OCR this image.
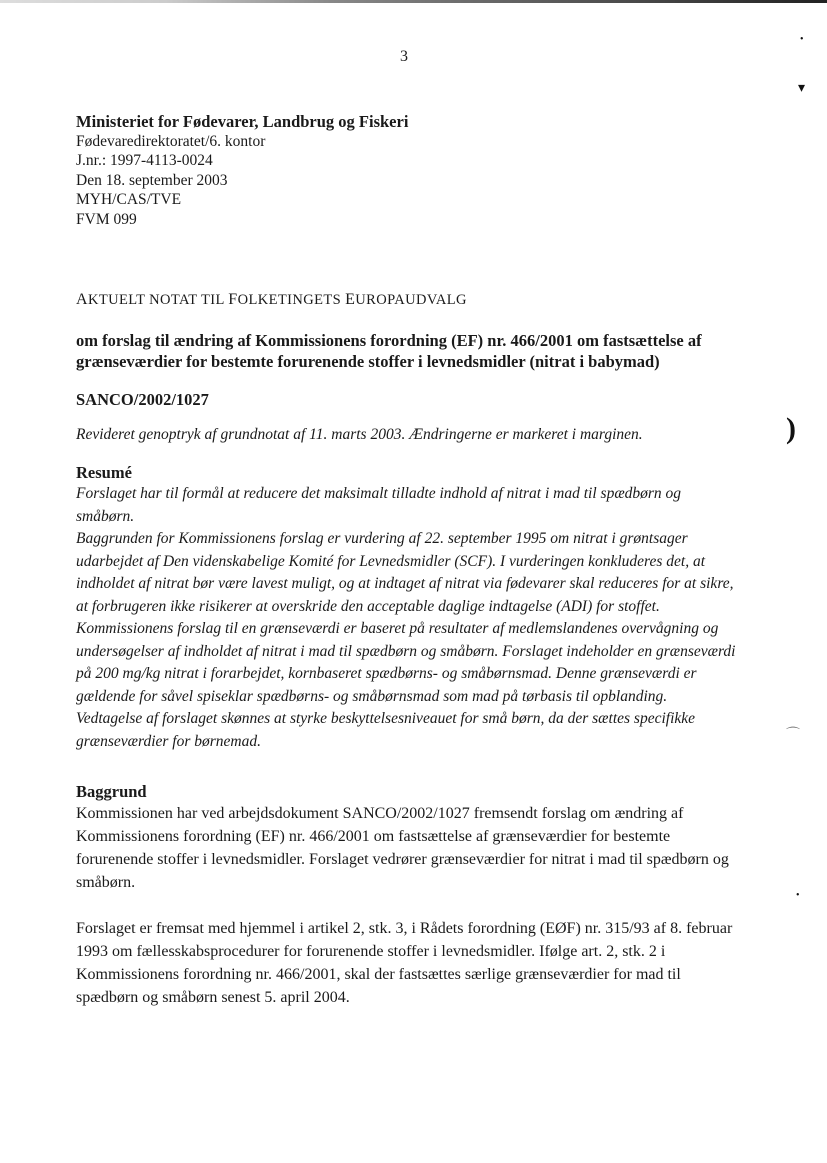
3
•
▾
)
⌒
•
Ministeriet for Fødevarer, Landbrug og Fiskeri
Fødevaredirektoratet/6. kontor
J.nr.: 1997-4113-0024
Den 18. september 2003
MYH/CAS/TVE
FVM 099
AKTUELT NOTAT TIL FOLKETINGETS EUROPAUDVALG
om forslag til ændring af Kommissionens forordning (EF) nr. 466/2001 om fastsættelse af grænseværdier for bestemte forurenende stoffer i levnedsmidler (nitrat i babymad)
SANCO/2002/1027
Revideret genoptryk af grundnotat af 11. marts 2003. Ændringerne er markeret i marginen.
Resumé

Forslaget har til formål at reducere det maksimalt tilladte indhold af nitrat i mad til spædbørn og småbørn.

Baggrunden for Kommissionens forslag er vurdering af 22. september 1995 om nitrat i grøntsager udarbejdet af Den videnskabelige Komité for Levnedsmidler (SCF). I vurderingen konkluderes det, at indholdet af nitrat bør være lavest muligt, og at indtaget af nitrat via fødevarer skal reduceres for at sikre, at forbrugeren ikke risikerer at overskride den acceptable daglige indtagelse (ADI) for stoffet.

Kommissionens forslag til en grænseværdi er baseret på resultater af medlemslandenes overvågning og undersøgelser af indholdet af nitrat i mad til spædbørn og småbørn. Forslaget indeholder en grænseværdi på 200 mg/kg nitrat i forarbejdet, kornbaseret spædbørns- og småbørnsmad. Denne grænseværdi er gældende for såvel spiseklar spædbørns- og småbørnsmad som mad på tørbasis til opblanding.

Vedtagelse af forslaget skønnes at styrke beskyttelsesniveauet for små børn, da der sættes specifikke grænseværdier for børnemad.

Baggrund

Kommissionen har ved arbejdsdokument SANCO/2002/1027 fremsendt forslag om ændring af Kommissionens forordning (EF) nr. 466/2001 om fastsættelse af grænseværdier for bestemte forurenende stoffer i levnedsmidler. Forslaget vedrører grænseværdier for nitrat i mad til spædbørn og småbørn.

Forslaget er fremsat med hjemmel i artikel 2, stk. 3, i Rådets forordning (EØF) nr. 315/93 af 8. februar 1993 om fællesskabsprocedurer for forurenende stoffer i levnedsmidler. Ifølge art. 2, stk. 2 i Kommissionens forordning nr. 466/2001, skal der fastsættes særlige grænseværdier for mad til spædbørn og småbørn senest 5. april 2004.
